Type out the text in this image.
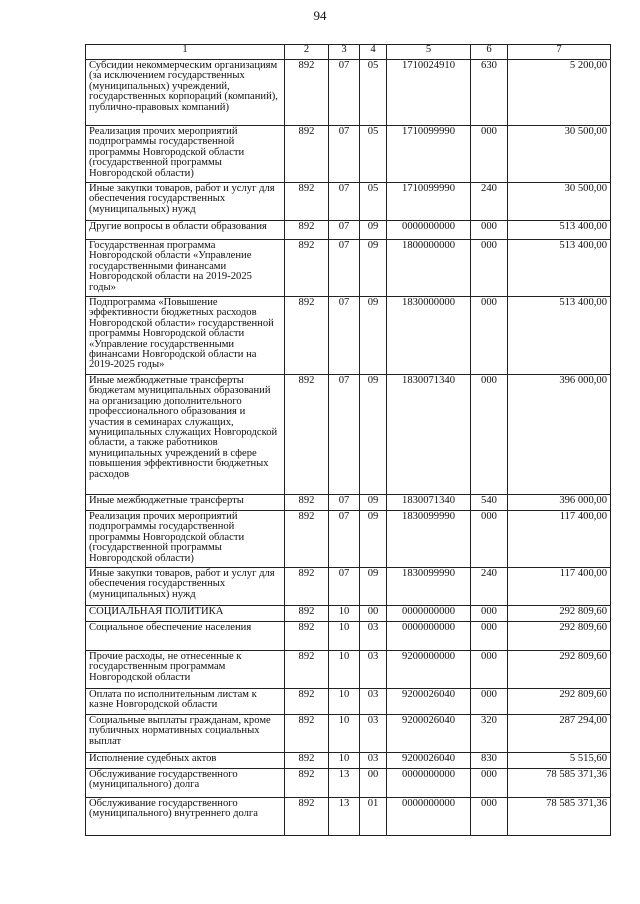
94
1	2	3	4	5	6	7
Субсидии некоммерческим организациям (за исключением государственных (муниципальных) учреждений, государственных корпораций (компаний), публично-правовых компаний)	892	07	05	1710024910	630	5 200,00
Реализация прочих мероприятий подпрограммы государственной программы Новгородской области (государственной программы Новгородской области)	892	07	05	1710099990	000	30 500,00
Иные закупки товаров, работ и услуг для обеспечения государственных (муниципальных) нужд	892	07	05	1710099990	240	30 500,00
Другие вопросы в области образования	892	07	09	0000000000	000	513 400,00
Государственная программа Новгородской области «Управление государственными финансами Новгородской области на 2019-2025 годы»	892	07	09	1800000000	000	513 400,00
Подпрограмма «Повышение эффективности бюджетных расходов Новгородской области» государственной программы Новгородской области «Управление государственными финансами Новгородской области на 2019-2025 годы»	892	07	09	1830000000	000	513 400,00
Иные межбюджетные трансферты бюджетам муниципальных образований на организацию дополнительного профессионального образования и участия в семинарах служащих, муниципальных служащих Новгородской области, а также работников муниципальных учреждений в сфере повышения эффективности бюджетных расходов	892	07	09	1830071340	000	396 000,00
Иные межбюджетные трансферты	892	07	09	1830071340	540	396 000,00
Реализация прочих мероприятий подпрограммы государственной программы Новгородской области (государственной программы Новгородской области)	892	07	09	1830099990	000	117 400,00
Иные закупки товаров, работ и услуг для обеспечения государственных (муниципальных) нужд	892	07	09	1830099990	240	117 400,00
СОЦИАЛЬНАЯ ПОЛИТИКА	892	10	00	0000000000	000	292 809,60
Социальное обеспечение населения	892	10	03	0000000000	000	292 809,60
Прочие расходы, не отнесенные к государственным программам Новгородской области	892	10	03	9200000000	000	292 809,60
Оплата по исполнительным листам к казне Новгородской области	892	10	03	9200026040	000	292 809,60
Социальные выплаты гражданам, кроме публичных нормативных социальных выплат	892	10	03	9200026040	320	287 294,00
Исполнение судебных актов	892	10	03	9200026040	830	5 515,60
Обслуживание государственного (муниципального) долга	892	13	00	0000000000	000	78 585 371,36
Обслуживание государственного (муниципального) внутреннего долга	892	13	01	0000000000	000	78 585 371,36
